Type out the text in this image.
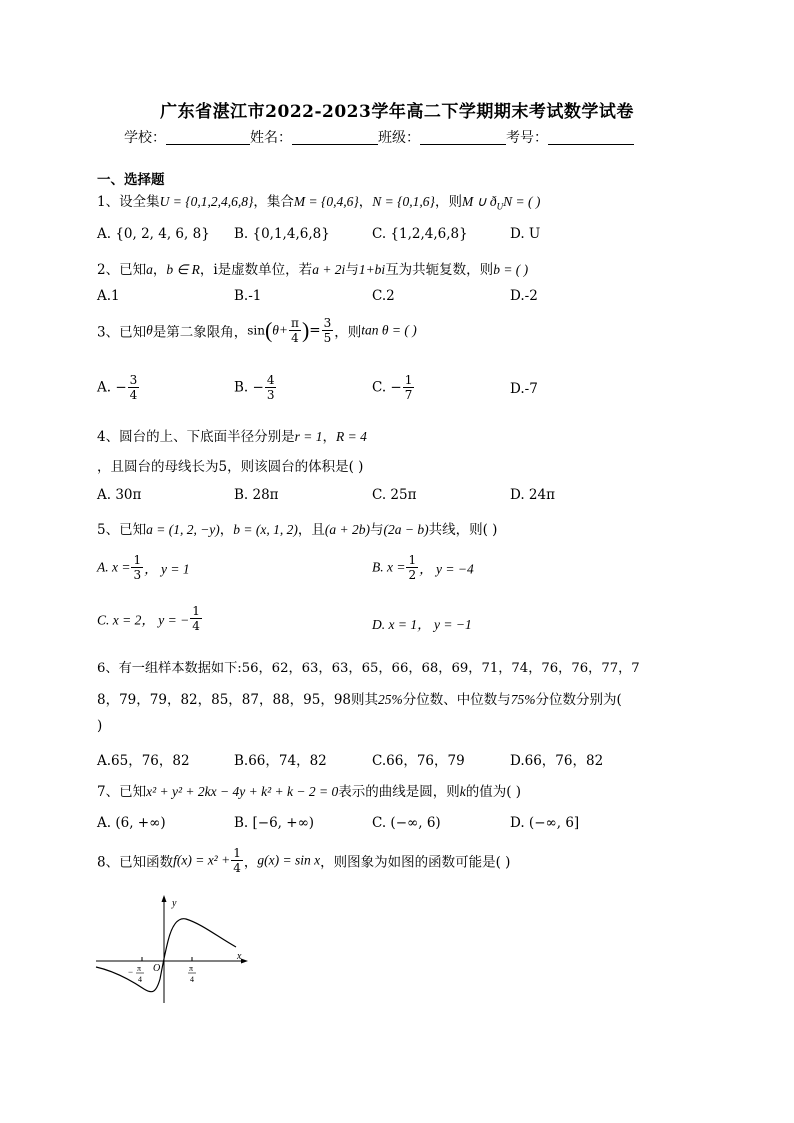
广东省湛江市2022-2023学年高二下学期期末考试数学试卷
学校：	姓名：	班级：	考号：
一、选择题
1、设全集U = {0,1,2,4,6,8}，集合M = {0,4,6}，N = {0,1,6}，则M ∪ $ð_UN$ = ( )
A. {0, 2, 4, 6, 8} B. {0,1,4,6,8}	C. {1,2,4,6,8}	D. U
2、已知a，b ∈ R，i是虚数单位，若a + 2i与1+bi互为共轭复数，则b = ( )
A.1	B.-1	C.2	D.-2
3、已知θ是第二象限角，$\sin(\theta+ \frac{\pi}{4}$ )= $\frac{3}{5}$ ，则tan θ = ( )
A. − $\frac{3}{4}$	B. − $\frac{4}{3}$	C. − $\frac{1}{7}$	D.-7
4、圆台的上、下底面半径分别是r = 1，R = 4
，且圆台的母线长为5，则该圆台的体积是( )
A. 30π	B. 28π	C. 25π	D. 24π
5、已知a = (1, 2, −y)，b = (x, 1, 2)，且(a + 2b)与(2a − b)共线，则( )
A. $x = \frac{1}{3}$ ， y = 1	B. $x = \frac{1}{2}$ ， y = −4
C. x = 2， y = − $\frac{1}{4}$	D. x = 1， y = −1
6、有一组样本数据如下:56，62，63，63，65，66，68，69，71，74，76，76，77，7
8，79，79，82，85，87，88，95，98则其25%分位数、中位数与75%分位数分别为(
)
A.65，76，82	B.66，74，82	C.66，76，79	D.66，76，82
7、已知x² + y² + 2kx − 4y + k² + k − 2 = 0表示的曲线是圆，则k的值为( )
A. (6, +∞)	B. [−6, +∞)	C. (−∞, 6)	D. (−∞, 6]
8、已知函数$f(x) = x^2 + \frac{1}{4}$ ，g(x) = sin x，则图象为如图的函数可能是( )
y
x
O
− π
4
π
4
